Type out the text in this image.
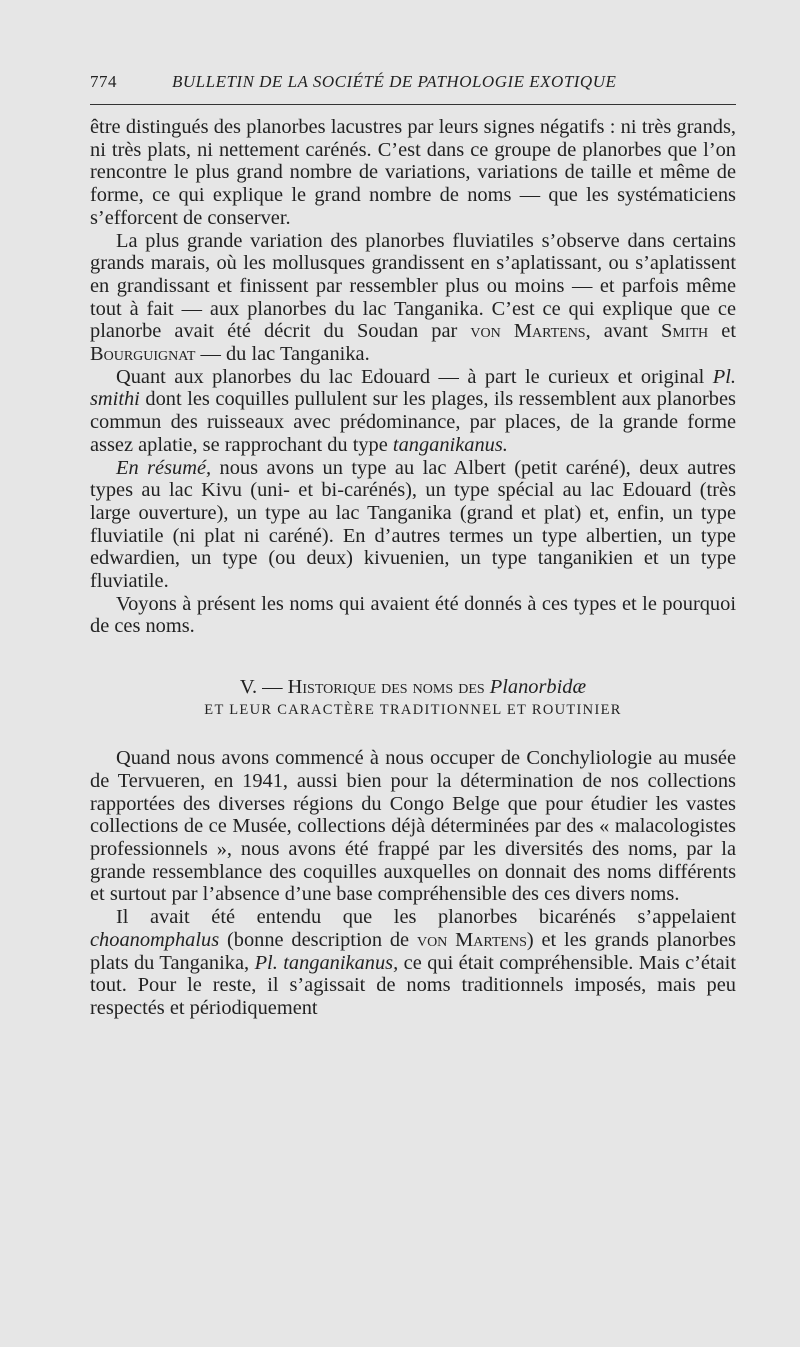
774	BULLETIN DE LA SOCIÉTÉ DE PATHOLOGIE EXOTIQUE

être distingués des planorbes lacustres par leurs signes négatifs : ni très grands, ni très plats, ni nettement carénés. C’est dans ce groupe de planorbes que l’on rencontre le plus grand nombre de variations, variations de taille et même de forme, ce qui explique le grand nombre de noms — que les systématiciens s’efforcent de conserver.

La plus grande variation des planorbes fluviatiles s’observe dans certains grands marais, où les mollusques grandissent en s’aplatissant, ou s’aplatissent en grandissant et finissent par ressembler plus ou moins — et parfois même tout à fait — aux planorbes du lac Tanganika. C’est ce qui explique que ce planorbe avait été décrit du Soudan par von Martens, avant Smith et Bourguignat — du lac Tanganika.

Quant aux planorbes du lac Edouard — à part le curieux et original Pl. smithi dont les coquilles pullulent sur les plages, ils ressemblent aux planorbes commun des ruisseaux avec prédominance, par places, de la grande forme assez aplatie, se rapprochant du type tanganikanus.

En résumé, nous avons un type au lac Albert (petit caréné), deux autres types au lac Kivu (uni- et bi-carénés), un type spécial au lac Edouard (très large ouverture), un type au lac Tanganika (grand et plat) et, enfin, un type fluviatile (ni plat ni caréné). En d’autres termes un type albertien, un type edwardien, un type (ou deux) kivuenien, un type tanganikien et un type fluviatile.

Voyons à présent les noms qui avaient été donnés à ces types et le pourquoi de ces noms.

V. — Historique des noms des Planorbidæ
ET LEUR CARACTÈRE TRADITIONNEL ET ROUTINIER

Quand nous avons commencé à nous occuper de Conchyliologie au musée de Tervueren, en 1941, aussi bien pour la détermination de nos collections rapportées des diverses régions du Congo Belge que pour étudier les vastes collections de ce Musée, collections déjà déterminées par des « malacologistes professionnels », nous avons été frappé par les diversités des noms, par la grande ressemblance des coquilles auxquelles on donnait des noms différents et surtout par l’absence d’une base compréhensible des ces divers noms.

Il avait été entendu que les planorbes bicarénés s’appelaient choanomphalus (bonne description de von Martens) et les grands planorbes plats du Tanganika, Pl. tanganikanus, ce qui était compréhensible. Mais c’était tout. Pour le reste, il s’agissait de noms traditionnels imposés, mais peu respectés et périodiquement
